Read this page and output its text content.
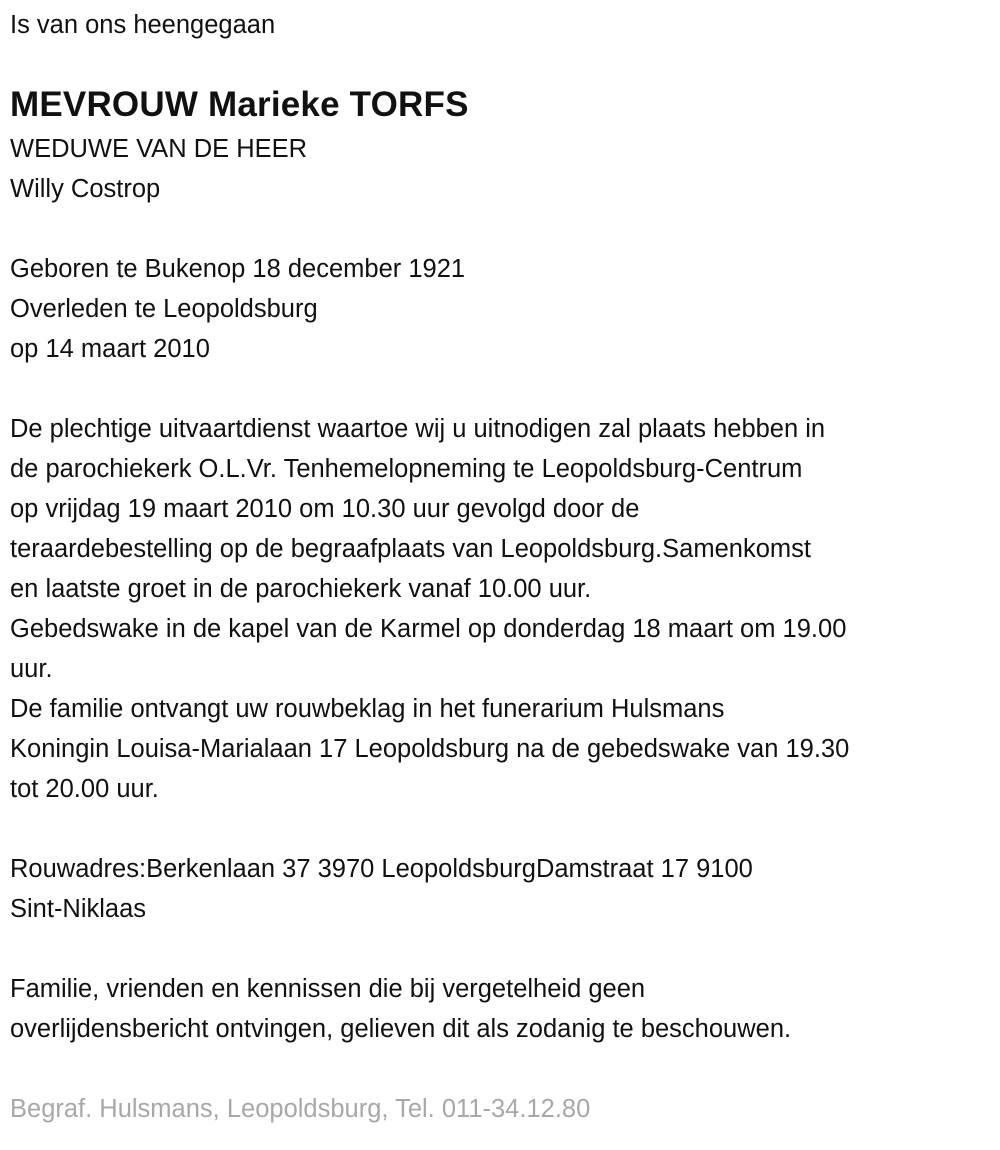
Is van ons heengegaan
MEVROUW Marieke TORFS
WEDUWE VAN DE HEER
Willy Costrop
Geboren te Bukenop 18 december 1921
Overleden te Leopoldsburg
op 14 maart 2010
De plechtige uitvaartdienst waartoe wij u uitnodigen zal plaats hebben in
de parochiekerk O.L.Vr. Tenhemelopneming te Leopoldsburg-Centrum
op vrijdag 19 maart 2010 om 10.30 uur gevolgd door de
teraardebestelling op de begraafplaats van Leopoldsburg.Samenkomst
en laatste groet in de parochiekerk vanaf 10.00 uur.
Gebedswake in de kapel van de Karmel op donderdag 18 maart om 19.00
uur.
De familie ontvangt uw rouwbeklag in het funerarium Hulsmans
Koningin Louisa-Marialaan 17 Leopoldsburg na de gebedswake van 19.30
tot 20.00 uur.
Rouwadres:Berkenlaan 37 3970 LeopoldsburgDamstraat 17 9100
Sint-Niklaas
Familie, vrienden en kennissen die bij vergetelheid geen
overlijdensbericht ontvingen, gelieven dit als zodanig te beschouwen.
Begraf. Hulsmans, Leopoldsburg, Tel. 011-34.12.80
